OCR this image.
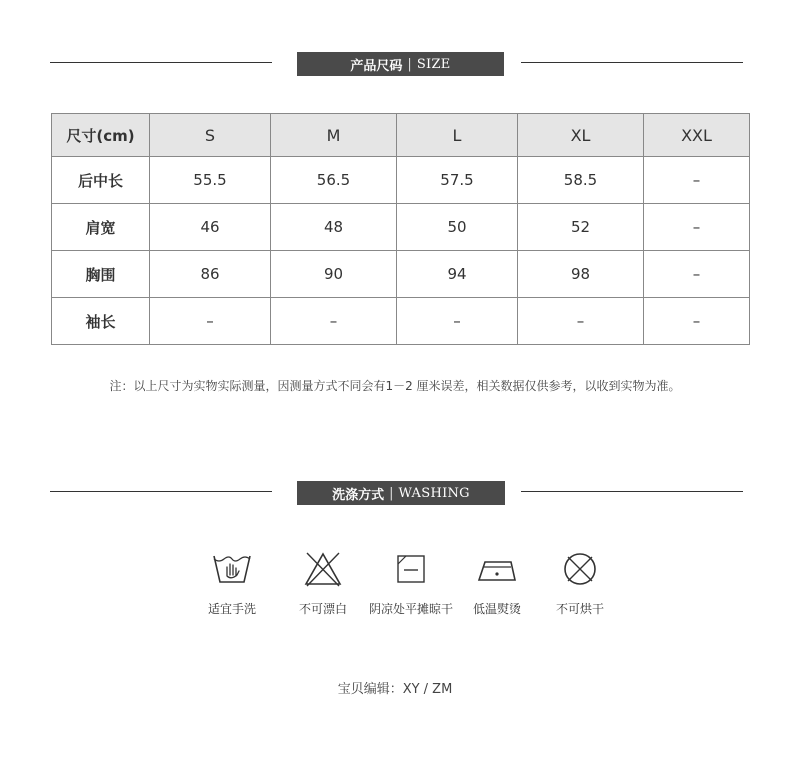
产品尺码 | SIZE
尺寸(cm)	S	M	L	XL	XXL
后中长	55.5	56.5	57.5	58.5	–
肩宽	46	48	50	52	–
胸围	86	90	94	98	–
袖长	–	–	–	–	–
注：以上尺寸为实物实际测量，因测量方式不同会有1－2 厘米误差，相关数据仅供参考，以收到实物为准。
洗涤方式 | WASHING
适宜手洗	不可漂白	阴凉处平摊晾干	低温熨烫	不可烘干
宝贝编辑：XY / ZM
